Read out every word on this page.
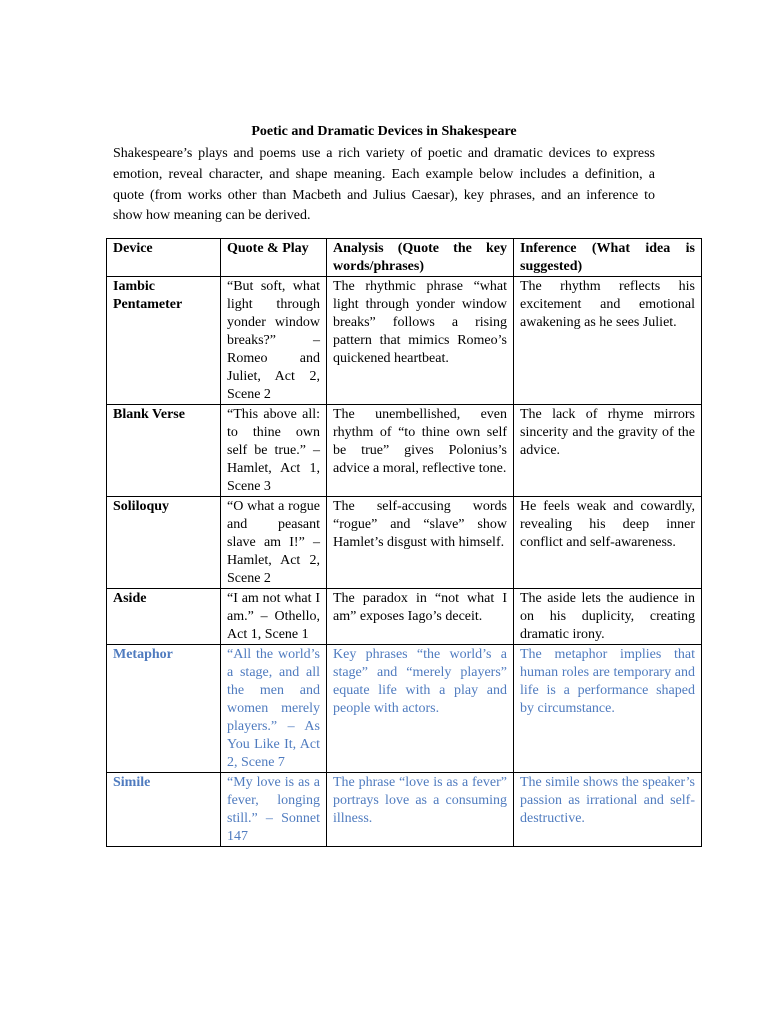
Poetic and Dramatic Devices in Shakespeare

Shakespeare’s plays and poems use a rich variety of poetic and dramatic devices to express emotion, reveal character, and shape meaning. Each example below includes a definition, a quote (from works other than Macbeth and Julius Caesar), key phrases, and an inference to show how meaning can be derived.

Device	Quote & Play	Analysis (Quote the key words/phrases)	Inference (What idea is suggested)
Iambic Pentameter	“But soft, what light through yonder window breaks?” – Romeo and Juliet, Act 2, Scene 2	The rhythmic phrase “what light through yonder window breaks” follows a rising pattern that mimics Romeo’s quickened heartbeat.	The rhythm reflects his excitement and emotional awakening as he sees Juliet.
Blank Verse	“This above all: to thine own self be true.” – Hamlet, Act 1, Scene 3	The unembellished, even rhythm of “to thine own self be true” gives Polonius’s advice a moral, reflective tone.	The lack of rhyme mirrors sincerity and the gravity of the advice.
Soliloquy	“O what a rogue and peasant slave am I!” – Hamlet, Act 2, Scene 2	The self-accusing words “rogue” and “slave” show Hamlet’s disgust with himself.	He feels weak and cowardly, revealing his deep inner conflict and self-awareness.
Aside	“I am not what I am.” – Othello, Act 1, Scene 1	The paradox in “not what I am” exposes Iago’s deceit.	The aside lets the audience in on his duplicity, creating dramatic irony.
Metaphor	“All the world’s a stage, and all the men and women merely players.” – As You Like It, Act 2, Scene 7	Key phrases “the world’s a stage” and “merely players” equate life with a play and people with actors.	The metaphor implies that human roles are temporary and life is a performance shaped by circumstance.
Simile	“My love is as a fever, longing still.” – Sonnet 147	The phrase “love is as a fever” portrays love as a consuming illness.	The simile shows the speaker’s passion as irrational and self-destructive.
